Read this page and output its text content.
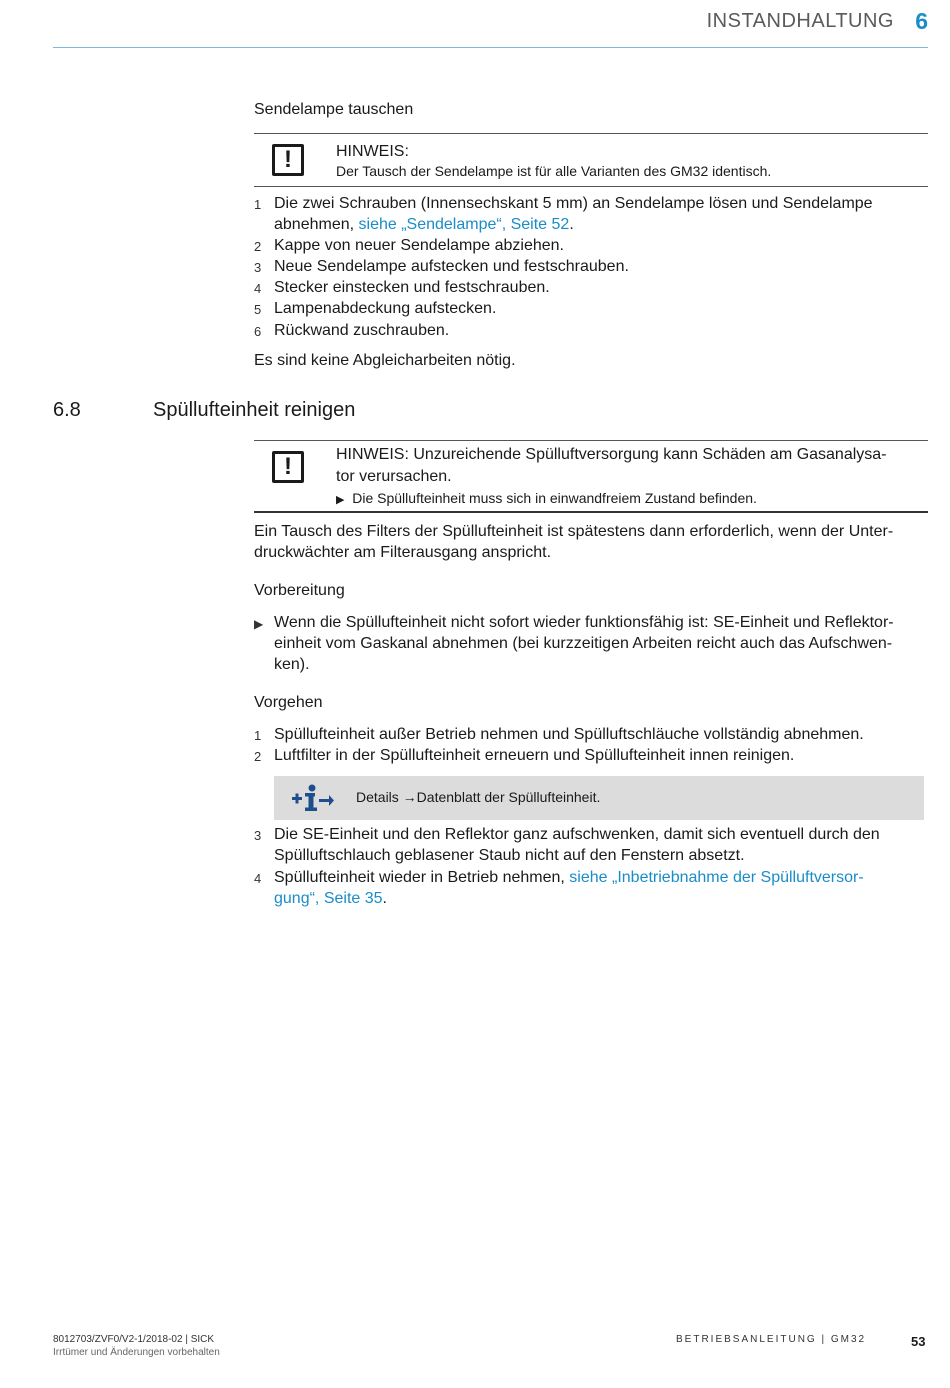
INSTANDHALTUNG 6
Sendelampe tauschen
!	HINWEIS:
Der Tausch der Sendelampe ist für alle Varianten des GM32 identisch.
1 Die zwei Schrauben (Innensechskant 5 mm) an Sendelampe lösen und Sendelampe abnehmen, siehe „Sendelampe“, Seite 52.
2 Kappe von neuer Sendelampe abziehen.
3 Neue Sendelampe aufstecken und festschrauben.
4 Stecker einstecken und festschrauben.
5 Lampenabdeckung aufstecken.
6 Rückwand zuschrauben.
Es sind keine Abgleicharbeiten nötig.
6.8	Spüllufteinheit reinigen
!	HINWEIS: Unzureichende Spülluftversorgung kann Schäden am Gasanalysa-
tor verursachen.
▶ Die Spüllufteinheit muss sich in einwandfreiem Zustand befinden.
Ein Tausch des Filters der Spüllufteinheit ist spätestens dann erforderlich, wenn der Unter-
druckwächter am Filterausgang anspricht.
Vorbereitung
▶ Wenn die Spüllufteinheit nicht sofort wieder funktionsfähig ist: SE-Einheit und Reflektor-
einheit vom Gaskanal abnehmen (bei kurzzeitigen Arbeiten reicht auch das Aufschwen-
ken).
Vorgehen
1 Spüllufteinheit außer Betrieb nehmen und Spülluftschläuche vollständig abnehmen.
2 Luftfilter in der Spüllufteinheit erneuern und Spüllufteinheit innen reinigen.
Details →Datenblatt der Spüllufteinheit.
3 Die SE-Einheit und den Reflektor ganz aufschwenken, damit sich eventuell durch den
Spülluftschlauch geblasener Staub nicht auf den Fenstern absetzt.
4 Spüllufteinheit wieder in Betrieb nehmen, siehe „Inbetriebnahme der Spülluftversor-
gung“, Seite 35.
8012703/ZVF0/V2-1/2018-02 | SICK
Irrtümer und Änderungen vorbehalten
BETRIEBSANLEITUNG | GM32	53
